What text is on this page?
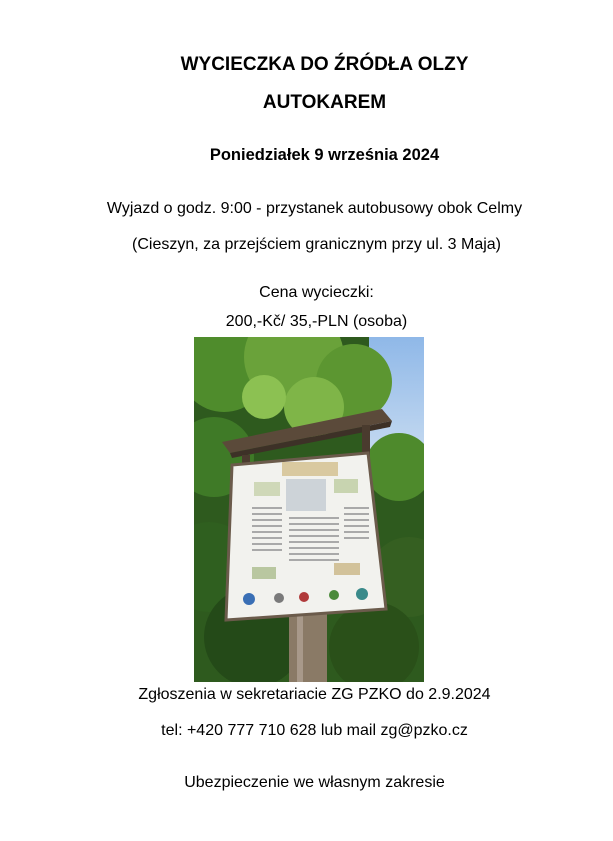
WYCIECZKA DO ŹRÓDŁA OLZY
AUTOKAREM
Poniedziałek 9 września 2024
Wyjazd o godz. 9:00 - przystanek autobusowy obok Celmy
(Cieszyn, za przejściem granicznym przy ul. 3 Maja)
Cena wycieczki:
200,-Kč/ 35,-PLN (osoba)
Zgłoszenia w sekretariacie ZG PZKO do 2.9.2024
tel: +420 777 710 628 lub mail zg@pzko.cz
Ubezpieczenie we własnym zakresie
